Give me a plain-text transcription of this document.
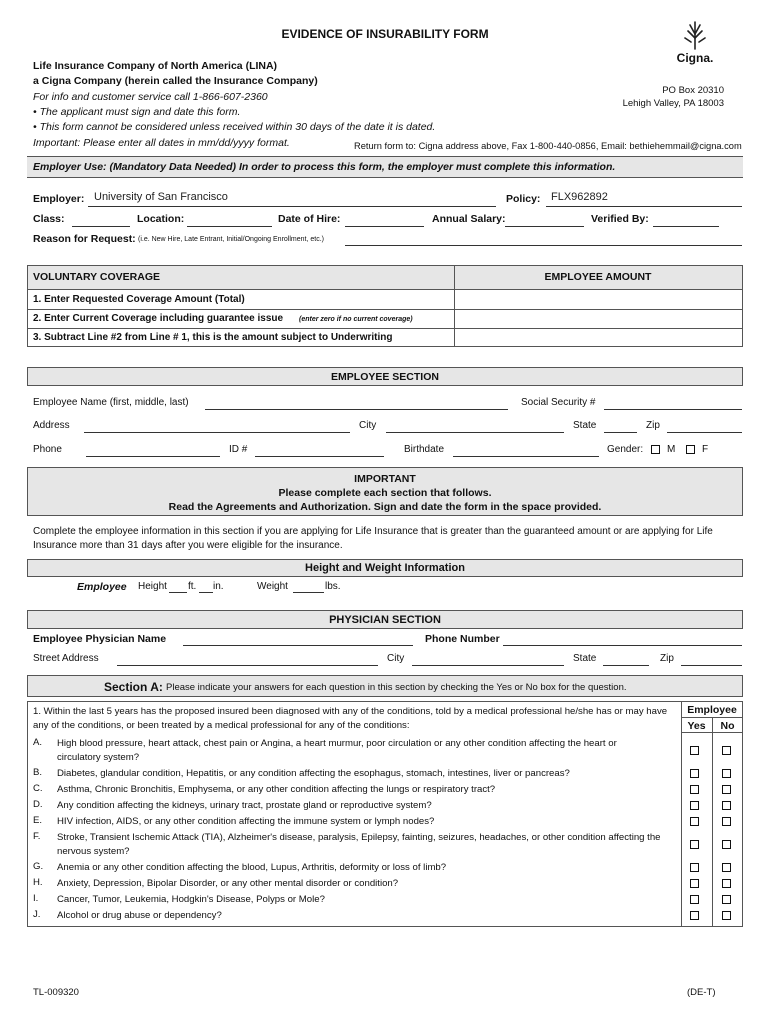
EVIDENCE OF INSURABILITY FORM
Cigna.
Life Insurance Company of North America (LINA)
a Cigna Company (herein called the Insurance Company)
For info and customer service call 1-866-607-2360
• The applicant must sign and date this form.
• This form cannot be considered unless received within 30 days of the date it is dated.
Important: Please enter all dates in mm/dd/yyyy format.	Return form to: Cigna address above, Fax 1-800-440-0856, Email: bethiehemmail@cigna.com
PO Box 20310
Lehigh Valley, PA 18003
Employer Use: (Mandatory Data Needed) In order to process this form, the employer must complete this information.
Employer: University of San Francisco	Policy: FLX962892
Class:	Location:	Date of Hire:	Annual Salary:	Verified By:
Reason for Request: (i.e. New Hire, Late Entrant, Initial/Ongoing Enrollment, etc.)
VOLUNTARY COVERAGE	EMPLOYEE AMOUNT
1. Enter Requested Coverage Amount (Total)
2. Enter Current Coverage including guarantee issue (enter zero if no current coverage)
3. Subtract Line #2 from Line # 1, this is the amount subject to Underwriting
EMPLOYEE SECTION
Employee Name (first, middle, last)	Social Security #
Address	City	State	Zip
Phone	ID #	Birthdate	Gender: M	F
IMPORTANT
Please complete each section that follows.
Read the Agreements and Authorization. Sign and date the form in the space provided.
Complete the employee information in this section if you are applying for Life Insurance that is greater than the guaranteed amount or are applying for Life Insurance more than 31 days after you were eligible for the insurance.
Height and Weight Information
Employee Height ft. in.	Weight	lbs.
PHYSICIAN SECTION
Employee Physician Name	Phone Number
Street Address	City	State	Zip
Section A: Please indicate your answers for each question in this section by checking the Yes or No box for the question.
Employee
Yes	No
1. Within the last 5 years has the proposed insured been diagnosed with any of the conditions, told by a medical professional he/she has or may have any of the conditions, or been treated by a medical professional for any of the conditions:
A. High blood pressure, heart attack, chest pain or Angina, a heart murmur, poor circulation or any other condition affecting the heart or circulatory system?
B. Diabetes, glandular condition, Hepatitis, or any condition affecting the esophagus, stomach, intestines, liver or pancreas?
C. Asthma, Chronic Bronchitis, Emphysema, or any other condition affecting the lungs or respiratory tract?
D. Any condition affecting the kidneys, urinary tract, prostate gland or reproductive system?
E. HIV infection, AIDS, or any other condition affecting the immune system or lymph nodes?
F. Stroke, Transient Ischemic Attack (TIA), Alzheimer's disease, paralysis, Epilepsy, fainting, seizures, headaches, or other condition affecting the nervous system?
G. Anemia or any other condition affecting the blood, Lupus, Arthritis, deformity or loss of limb?
H. Anxiety, Depression, Bipolar Disorder, or any other mental disorder or condition?
I. Cancer, Tumor, Leukemia, Hodgkin's Disease, Polyps or Mole?
J. Alcohol or drug abuse or dependency?
TL-009320	(DE-T)
